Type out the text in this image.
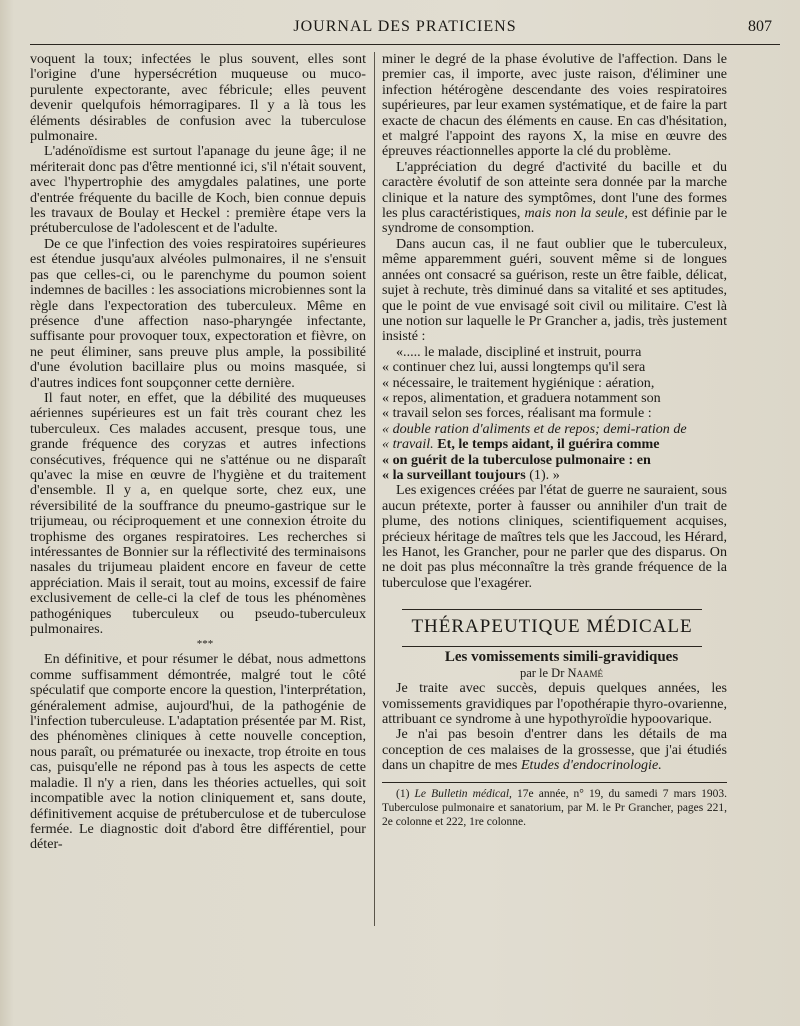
JOURNAL DES PRATICIENS	807

voquent la toux; infectées le plus souvent, elles sont l'origine d'une hypersécrétion muqueuse ou muco-purulente expectorante, avec fébricule; elles peuvent devenir quelqufois hémorragipares. Il y a là tous les éléments désirables de confusion avec la tuberculose pulmonaire.

L'adénoïdisme est surtout l'apanage du jeune âge; il ne mériterait donc pas d'être mentionné ici, s'il n'était souvent, avec l'hypertrophie des amygdales palatines, une porte d'entrée fréquente du bacille de Koch, bien connue depuis les travaux de Boulay et Heckel : première étape vers la prétuberculose de l'adolescent et de l'adulte.

De ce que l'infection des voies respiratoires supérieures est étendue jusqu'aux alvéoles pulmonaires, il ne s'ensuit pas que celles-ci, ou le parenchyme du poumon soient indemnes de bacilles : les associations microbiennes sont la règle dans l'expectoration des tuberculeux. Même en présence d'une affection naso-pharyngée infectante, suffisante pour provoquer toux, expectoration et fièvre, on ne peut éliminer, sans preuve plus ample, la possibilité d'une évolution bacillaire plus ou moins masquée, si d'autres indices font soupçonner cette dernière.

Il faut noter, en effet, que la débilité des muqueuses aériennes supérieures est un fait très courant chez les tuberculeux. Ces malades accusent, presque tous, une grande fréquence des coryzas et autres infections consécutives, fréquence qui ne s'atténue ou ne disparaît qu'avec la mise en œuvre de l'hygiène et du traitement d'ensemble. Il y a, en quelque sorte, chez eux, une réversibilité de la souffrance du pneumo-gastrique sur le trijumeau, ou réciproquement et une connexion étroite du trophisme des organes respiratoires. Les recherches si intéressantes de Bonnier sur la réflectivité des terminaisons nasales du trijumeau plaident encore en faveur de cette appréciation. Mais il serait, tout au moins, excessif de faire exclusivement de celle-ci la clef de tous les phénomènes pathogéniques tuberculeux ou pseudo-tuberculeux pulmonaires.

***

En définitive, et pour résumer le débat, nous admettons comme suffisamment démontrée, malgré tout le côté spéculatif que comporte encore la question, l'interprétation, généralement admise, aujourd'hui, de la pathogénie de l'infection tuberculeuse. L'adaptation présentée par M. Rist, des phénomènes cliniques à cette nouvelle conception, nous paraît, ou prématurée ou inexacte, trop étroite en tous cas, puisqu'elle ne répond pas à tous les aspects de cette maladie. Il n'y a rien, dans les théories actuelles, qui soit incompatible avec la notion cliniquement et, sans doute, définitivement acquise de prétuberculose et de tuberculose fermée. Le diagnostic doit d'abord être différentiel, pour déter-

miner le degré de la phase évolutive de l'affection. Dans le premier cas, il importe, avec juste raison, d'éliminer une infection hétérogène descendante des voies respiratoires supérieures, par leur examen systématique, et de faire la part exacte de chacun des éléments en cause. En cas d'hésitation, et malgré l'appoint des rayons X, la mise en œuvre des épreuves réactionnelles apporte la clé du problème.

L'appréciation du degré d'activité du bacille et du caractère évolutif de son atteinte sera donnée par la marche clinique et la nature des symptômes, dont l'une des formes les plus caractéristiques, mais non la seule, est définie par le syndrome de consomption.

Dans aucun cas, il ne faut oublier que le tuberculeux, même apparemment guéri, souvent même si de longues années ont consacré sa guérison, reste un être faible, délicat, sujet à rechute, très diminué dans sa vitalité et ses aptitudes, que le point de vue envisagé soit civil ou militaire. C'est là une notion sur laquelle le Pr Grancher a, jadis, très justement insisté :

«..... le malade, discipliné et instruit, pourra

« continuer chez lui, aussi longtemps qu'il sera

« nécessaire, le traitement hygiénique : aération,

« repos, alimentation, et graduera notamment son

« travail selon ses forces, réalisant ma formule :

« double ration d'aliments et de repos; demi-ration de

« travail. Et, le temps aidant, il guérira comme

« on guérit de la tuberculose pulmonaire : en

« la surveillant toujours (1). »

Les exigences créées par l'état de guerre ne sauraient, sous aucun prétexte, porter à fausser ou annihiler d'un trait de plume, des notions cliniques, scientifiquement acquises, précieux héritage de maîtres tels que les Jaccoud, les Hérard, les Hanot, les Grancher, pour ne parler que des disparus. On ne doit pas plus méconnaître la très grande fréquence de la tuberculose que l'exagérer.

THÉRAPEUTIQUE MÉDICALE

Les vomissements simili-gravidiques

par le Dr Naamé

Je traite avec succès, depuis quelques années, les vomissements gravidiques par l'opothérapie thyro-ovarienne, attribuant ce syndrome à une hypothyroïdie hypoovarique.

Je n'ai pas besoin d'entrer dans les détails de ma conception de ces malaises de la grossesse, que j'ai étudiés dans un chapitre de mes Etudes d'endocrinologie.

(1) Le Bulletin médical, 17e année, n° 19, du samedi 7 mars 1903. Tuberculose pulmonaire et sanatorium, par M. le Pr Grancher, pages 221, 2e colonne et 222, 1re colonne.
